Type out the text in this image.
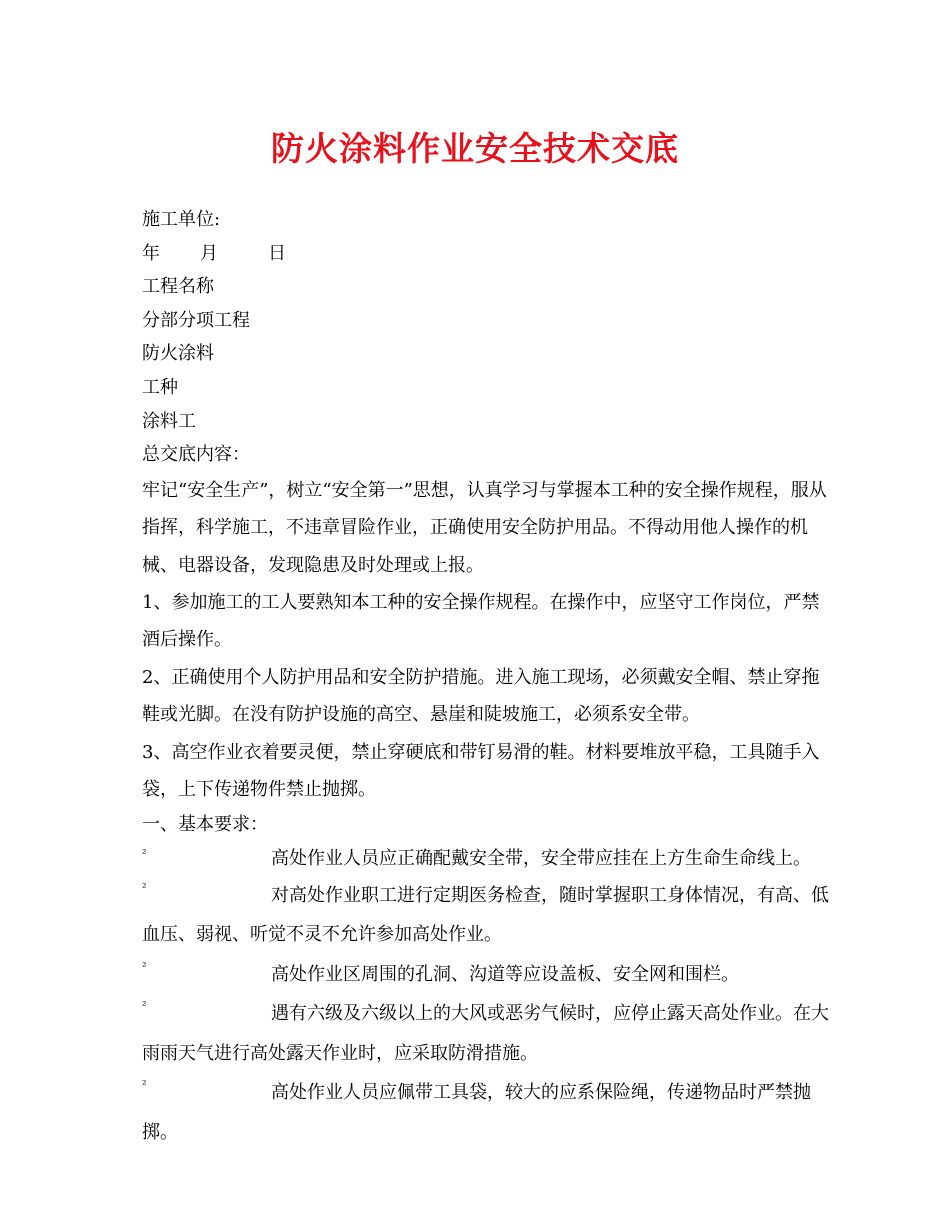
防火涂料作业安全技术交底
施工单位:
年 月	日
工程名称
分部分项工程
防火涂料
工种
涂料工
总交底内容：

牢记“安全生产”，树立“安全第一”思想，认真学习与掌握本工种的安全操作规程，服从指挥，科学施工，不违章冒险作业，正确使用安全防护用品。不得动用他人操作的机械、电器设备，发现隐患及时处理或上报。

1、参加施工的工人要熟知本工种的安全操作规程。在操作中，应坚守工作岗位，严禁酒后操作。

2、正确使用个人防护用品和安全防护措施。进入施工现场，必须戴安全帽、禁止穿拖鞋或光脚。在没有防护设施的高空、悬崖和陡坡施工，必须系安全带。

3、高空作业衣着要灵便，禁止穿硬底和带钉易滑的鞋。材料要堆放平稳，工具随手入袋，上下传递物件禁止抛掷。

一、基本要求：
²	高处作业人员应正确配戴安全带，安全带应挂在上方生命生命线上。
²	对高处作业职工进行定期医务检查，随时掌握职工身体情况，有高、低血压、弱视、听觉不灵不允许参加高处作业。
²	高处作业区周围的孔洞、沟道等应设盖板、安全网和围栏。
²	遇有六级及六级以上的大风或恶劣气候时，应停止露天高处作业。在大雨雨天气进行高处露天作业时，应采取防滑措施。
²	高处作业人员应佩带工具袋，较大的应系保险绳，传递物品时严禁抛掷。
